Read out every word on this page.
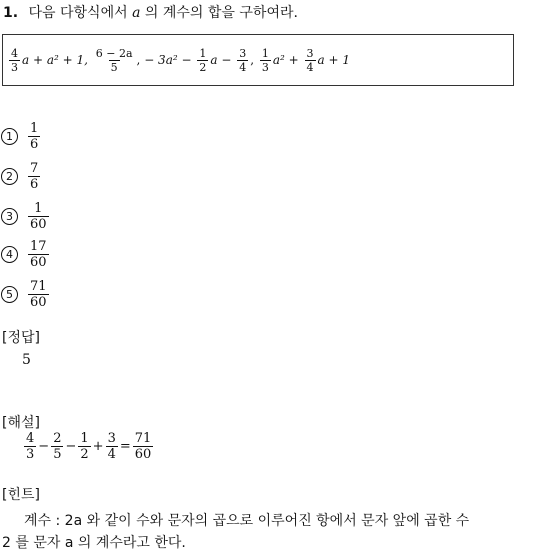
1. 다음 다항식에서 a 의 계수의 합을 구하여라.
$\frac{4}{3}$ a + a² + 1,
$\frac{6 - 2a}{5}$ ,
− $3a^2 - \frac{1}{2}$ $a - \frac{3}{4}$ ,
$\frac{1}{3} a^2 + \frac{3}{4}$ a + 1
1	$\frac{1}{6}$
2	$\frac{7}{6}$
3	$\frac{1}{60}$
4	$\frac{17}{60}$
5	$\frac{71}{60}$
[정답]
5
[해설]
$\frac{4}{3} - \frac{2}{5} - \frac{1}{2} + \frac{3}{4} = \frac{71}{60}$
[힌트]
계수 : 2a 와 같이 수와 문자의 곱으로 이루어진 항에서 문자 앞에 곱한 수
2 를 문자 a 의 계수라고 한다.
